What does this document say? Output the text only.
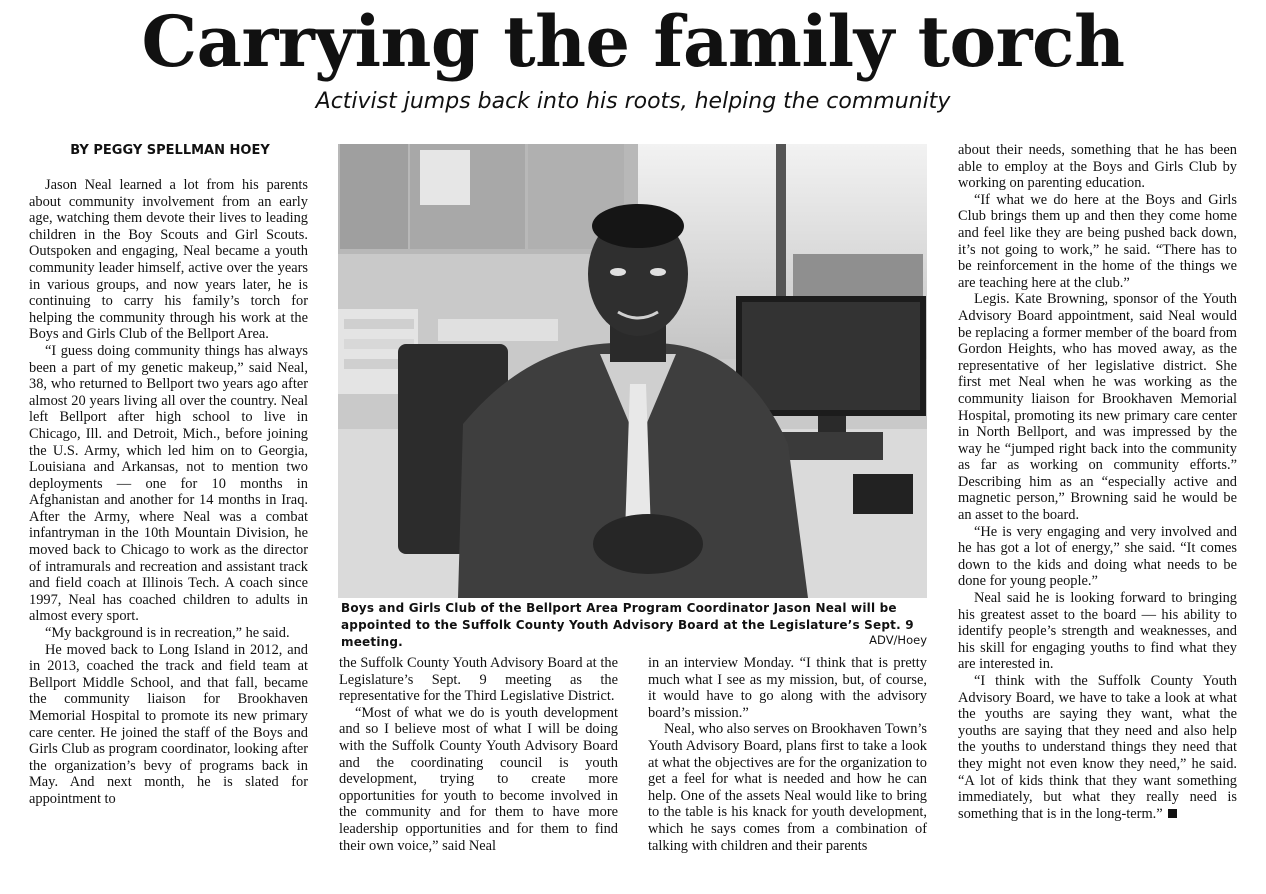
Carrying the family torch
Activist jumps back into his roots, helping the community
BY PEGGY SPELLMAN HOEY

Jason Neal learned a lot from his parents about community involvement from an early age, watching them devote their lives to leading children in the Boy Scouts and Girl Scouts. Outspoken and engaging, Neal became a youth community leader himself, active over the years in various groups, and now years later, he is continuing to carry his family’s torch for helping the community through his work at the Boys and Girls Club of the Bellport Area.

“I guess doing community things has always been a part of my genetic makeup,” said Neal, 38, who returned to Bellport two years ago after almost 20 years living all over the country. Neal left Bellport after high school to live in Chicago, Ill. and Detroit, Mich., before joining the U.S. Army, which led him on to Georgia, Louisiana and Arkansas, not to mention two deployments — one for 10 months in Afghanistan and another for 14 months in Iraq. After the Army, where Neal was a combat infantryman in the 10th Mountain Division, he moved back to Chicago to work as the director of intramurals and recreation and assistant track and field coach at Illinois Tech. A coach since 1997, Neal has coached children to adults in almost every sport.

“My background is in recreation,” he said.

He moved back to Long Island in 2012, and in 2013, coached the track and field team at Bellport Middle School, and that fall, became the community liaison for Brookhaven Memorial Hospital to promote its new primary care center. He joined the staff of the Boys and Girls Club as program coordinator, looking after the organization’s bevy of programs back in May. And next month, he is slated for appointment to

Boys and Girls Club of the Bellport Area Program Coordinator Jason Neal will be appointed to the Suffolk County Youth Advisory Board at the Legislature’s Sept. 9 meeting.	ADV/Hoey

the Suffolk County Youth Advisory Board at the Legislature’s Sept. 9 meeting as the representative for the Third Legislative District.

“Most of what we do is youth development and so I believe most of what I will be doing with the Suffolk County Youth Advisory Board and the coordinating council is youth development, trying to create more opportunities for youth to become involved in the community and for them to have more leadership opportunities and for them to find their own voice,” said Neal

in an interview Monday. “I think that is pretty much what I see as my mission, but, of course, it would have to go along with the advisory board’s mission.”

Neal, who also serves on Brookhaven Town’s Youth Advisory Board, plans first to take a look at what the objectives are for the organization to get a feel for what is needed and how he can help. One of the assets Neal would like to bring to the table is his knack for youth development, which he says comes from a combination of talking with children and their parents

about their needs, something that he has been able to employ at the Boys and Girls Club by working on parenting education.

“If what we do here at the Boys and Girls Club brings them up and then they come home and feel like they are being pushed back down, it’s not going to work,” he said. “There has to be reinforcement in the home of the things we are teaching here at the club.”

Legis. Kate Browning, sponsor of the Youth Advisory Board appointment, said Neal would be replacing a former member of the board from Gordon Heights, who has moved away, as the representative of her legislative district. She first met Neal when he was working as the community liaison for Brookhaven Memorial Hospital, promoting its new primary care center in North Bellport, and was impressed by the way he “jumped right back into the community as far as working on community efforts.” Describing him as an “especially active and magnetic person,” Browning said he would be an asset to the board.

“He is very engaging and very involved and he has got a lot of energy,” she said. “It comes down to the kids and doing what needs to be done for young people.”

Neal said he is looking forward to bringing his greatest asset to the board — his ability to identify people’s strength and weaknesses, and his skill for engaging youths to find what they are interested in.

“I think with the Suffolk County Youth Advisory Board, we have to take a look at what the youths are saying they want, what the youths are saying that they need and also help the youths to understand things they need that they might not even know they need,” he said. “A lot of kids think that they want something immediately, but what they really need is something that is in the long-term.”
